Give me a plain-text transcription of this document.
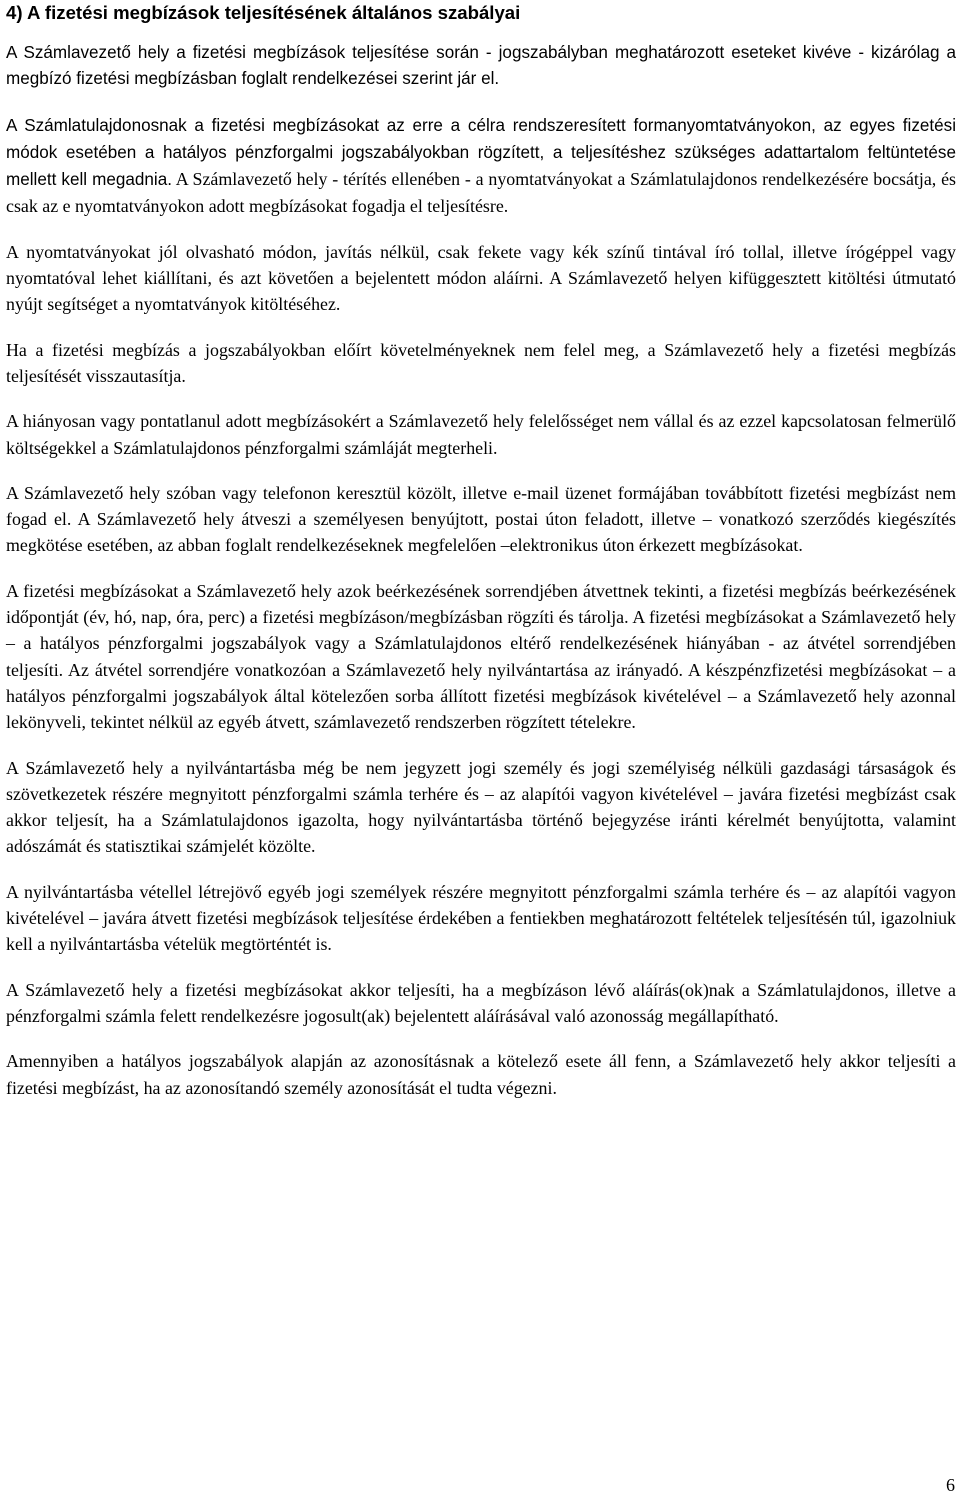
4) A fizetési megbízások teljesítésének általános szabályai

A Számlavezető hely a fizetési megbízások teljesítése során - jogszabályban meghatározott eseteket kivéve - kizárólag a megbízó fizetési megbízásban foglalt rendelkezései szerint jár el.

A Számlatulajdonosnak a fizetési megbízásokat az erre a célra rendszeresített formanyomtatványokon, az egyes fizetési módok esetében a hatályos pénzforgalmi jogszabályokban rögzített, a teljesítéshez szükséges adattartalom feltüntetése mellett kell megadnia. A Számlavezető hely - térítés ellenében - a nyomtatványokat a Számlatulajdonos rendelkezésére bocsátja, és csak az e nyomtatványokon adott megbízásokat fogadja el teljesítésre.

A nyomtatványokat jól olvasható módon, javítás nélkül, csak fekete vagy kék színű tintával író tollal, illetve írógéppel vagy nyomtatóval lehet kiállítani, és azt követően a bejelentett módon aláírni. A Számlavezető helyen kifüggesztett kitöltési útmutató nyújt segítséget a nyomtatványok kitöltéséhez.

Ha a fizetési megbízás a jogszabályokban előírt követelményeknek nem felel meg, a Számlavezető hely a fizetési megbízás teljesítését visszautasítja.

A hiányosan vagy pontatlanul adott megbízásokért a Számlavezető hely felelősséget nem vállal és az ezzel kapcsolatosan felmerülő költségekkel a Számlatulajdonos pénzforgalmi számláját megterheli.

A Számlavezető hely szóban vagy telefonon keresztül közölt, illetve e-mail üzenet formájában továbbított fizetési megbízást nem fogad el. A Számlavezető hely átveszi a személyesen benyújtott, postai úton feladott, illetve – vonatkozó szerződés kiegészítés megkötése esetében, az abban foglalt rendelkezéseknek megfelelően –elektronikus úton érkezett megbízásokat.

A fizetési megbízásokat a Számlavezető hely azok beérkezésének sorrendjében átvettnek tekinti, a fizetési megbízás beérkezésének időpontját (év, hó, nap, óra, perc) a fizetési megbízáson/megbízásban rögzíti és tárolja. A fizetési megbízásokat a Számlavezető hely – a hatályos pénzforgalmi jogszabályok vagy a Számlatulajdonos eltérő rendelkezésének hiányában - az átvétel sorrendjében teljesíti. Az átvétel sorrendjére vonatkozóan a Számlavezető hely nyilvántartása az irányadó. A készpénzfizetési megbízásokat – a hatályos pénzforgalmi jogszabályok által kötelezően sorba állított fizetési megbízások kivételével – a Számlavezető hely azonnal lekönyveli, tekintet nélkül az egyéb átvett, számlavezető rendszerben rögzített tételekre.

A Számlavezető hely a nyilvántartásba még be nem jegyzett jogi személy és jogi személyiség nélküli gazdasági társaságok és szövetkezetek részére megnyitott pénzforgalmi számla terhére és – az alapítói vagyon kivételével – javára fizetési megbízást csak akkor teljesít, ha a Számlatulajdonos igazolta, hogy nyilvántartásba történő bejegyzése iránti kérelmét benyújtotta, valamint adószámát és statisztikai számjelét közölte.

A nyilvántartásba vétellel létrejövő egyéb jogi személyek részére megnyitott pénzforgalmi számla terhére és – az alapítói vagyon kivételével – javára átvett fizetési megbízások teljesítése érdekében a fentiekben meghatározott feltételek teljesítésén túl, igazolniuk kell a nyilvántartásba vételük megtörténtét is.

A Számlavezető hely a fizetési megbízásokat akkor teljesíti, ha a megbízáson lévő aláírás(ok)nak a Számlatulajdonos, illetve a pénzforgalmi számla felett rendelkezésre jogosult(ak) bejelentett aláírásával való azonosság megállapítható.

Amennyiben a hatályos jogszabályok alapján az azonosításnak a kötelező esete áll fenn, a Számlavezető hely akkor teljesíti a fizetési megbízást, ha az azonosítandó személy azonosítását el tudta végezni.

6
